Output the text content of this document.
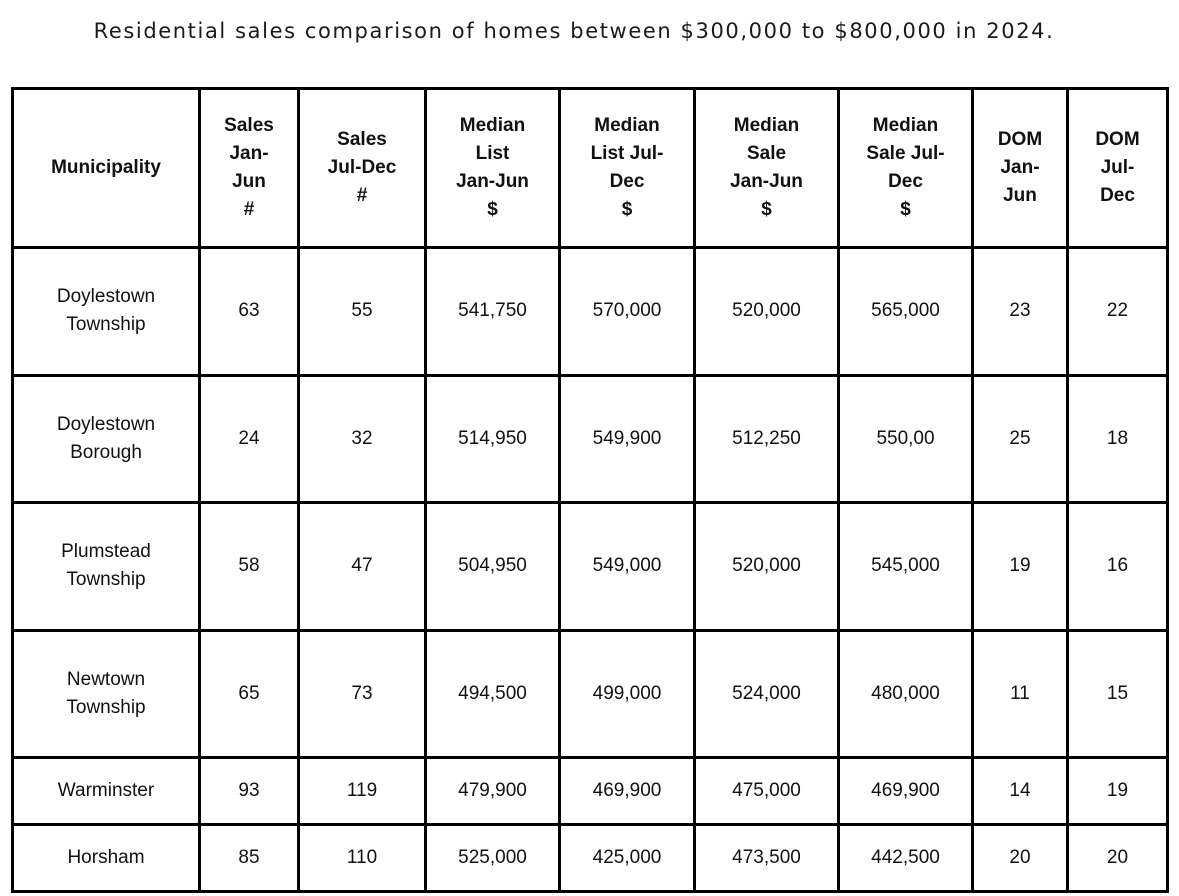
Residential sales comparison of homes between $300,000 to $800,000 in 2024.
Municipality	Sales
Jan-
Jun
#	Sales
Jul-Dec
#	Median
List
Jan-Jun
$	Median
List Jul-
Dec
$	Median
Sale
Jan-Jun
$	Median
Sale Jul-
Dec
$	DOM
Jan-
Jun	DOM
Jul-
Dec

Doylestown
Township	63	55	541,750	570,000	520,000	565,000	23	22

Doylestown
Borough	24	32	514,950	549,900	512,250	550,00	25	18

Plumstead
Township	58	47	504,950	549,000	520,000	545,000	19	16

Newtown
Township	65	73	494,500	499,000	524,000	480,000	11	15

Warminster	93	119	479,900	469,900	475,000	469,900	14	19

Horsham	85	110	525,000	425,000	473,500	442,500	20	20
